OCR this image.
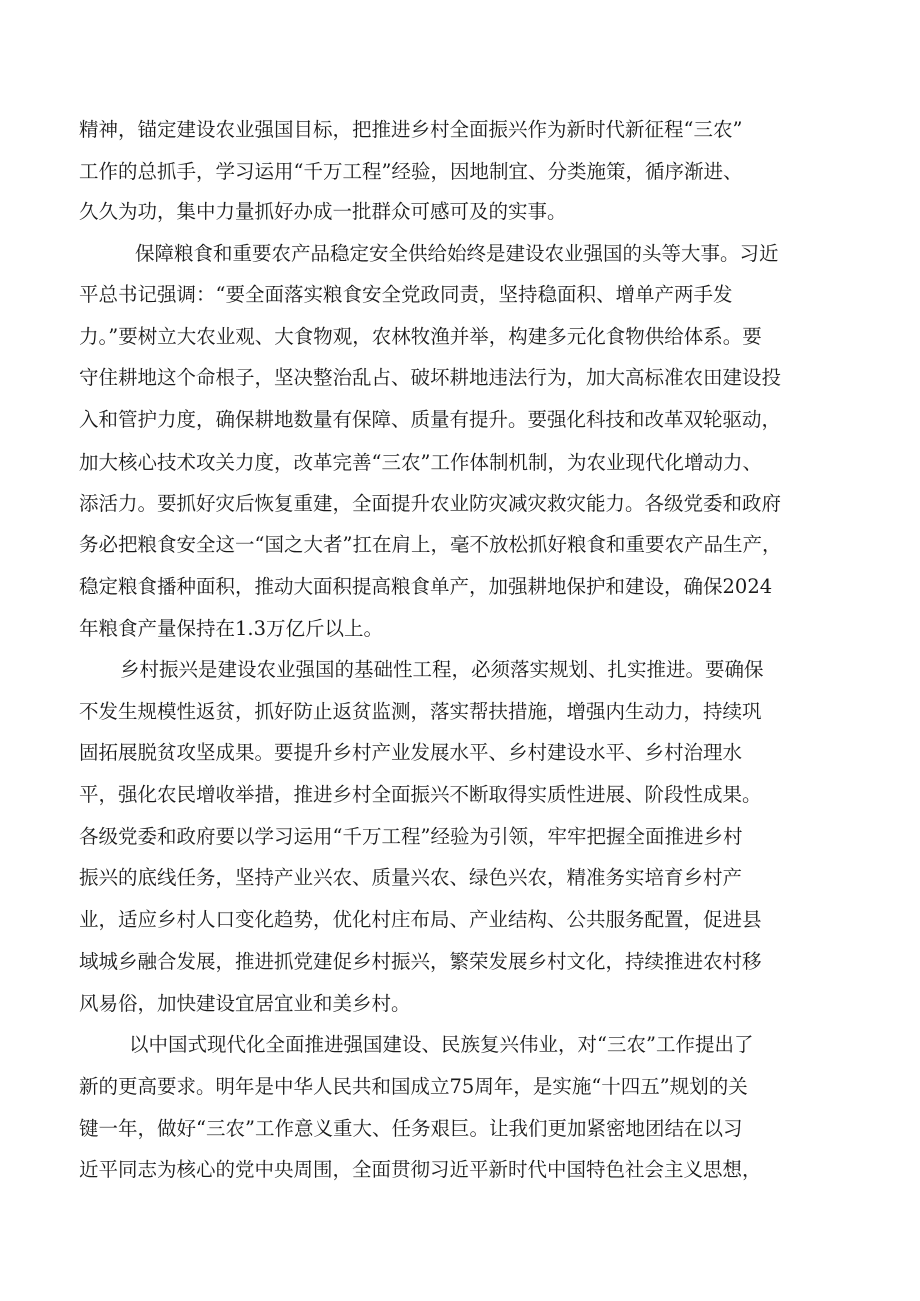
精神，锚定建设农业强国目标，把推进乡村全面振兴作为新时代新征程“三农”
工作的总抓手，学习运用“千万工程”经验，因地制宜、分类施策，循序渐进、
久久为功，集中力量抓好办成一批群众可感可及的实事。
保障粮食和重要农产品稳定安全供给始终是建设农业强国的头等大事。习近
平总书记强调：“要全面落实粮食安全党政同责，坚持稳面积、增单产两手发
力。”要树立大农业观、大食物观，农林牧渔并举，构建多元化食物供给体系。要
守住耕地这个命根子，坚决整治乱占、破坏耕地违法行为，加大高标准农田建设投
入和管护力度，确保耕地数量有保障、质量有提升。要强化科技和改革双轮驱动，
加大核心技术攻关力度，改革完善“三农”工作体制机制，为农业现代化增动力、
添活力。要抓好灾后恢复重建，全面提升农业防灾减灾救灾能力。各级党委和政府
务必把粮食安全这一“国之大者”扛在肩上，毫不放松抓好粮食和重要农产品生产，
稳定粮食播种面积，推动大面积提高粮食单产，加强耕地保护和建设，确保2024
年粮食产量保持在1.3万亿斤以上。
乡村振兴是建设农业强国的基础性工程，必须落实规划、扎实推进。要确保
不发生规模性返贫，抓好防止返贫监测，落实帮扶措施，增强内生动力，持续巩
固拓展脱贫攻坚成果。要提升乡村产业发展水平、乡村建设水平、乡村治理水
平，强化农民增收举措，推进乡村全面振兴不断取得实质性进展、阶段性成果。
各级党委和政府要以学习运用“千万工程”经验为引领，牢牢把握全面推进乡村
振兴的底线任务，坚持产业兴农、质量兴农、绿色兴农，精准务实培育乡村产
业，适应乡村人口变化趋势，优化村庄布局、产业结构、公共服务配置，促进县
域城乡融合发展，推进抓党建促乡村振兴，繁荣发展乡村文化，持续推进农村移
风易俗，加快建设宜居宜业和美乡村。
以中国式现代化全面推进强国建设、民族复兴伟业，对“三农”工作提出了
新的更高要求。明年是中华人民共和国成立75周年，是实施“十四五”规划的关
键一年，做好“三农”工作意义重大、任务艰巨。让我们更加紧密地团结在以习
近平同志为核心的党中央周围，全面贯彻习近平新时代中国特色社会主义思想，
